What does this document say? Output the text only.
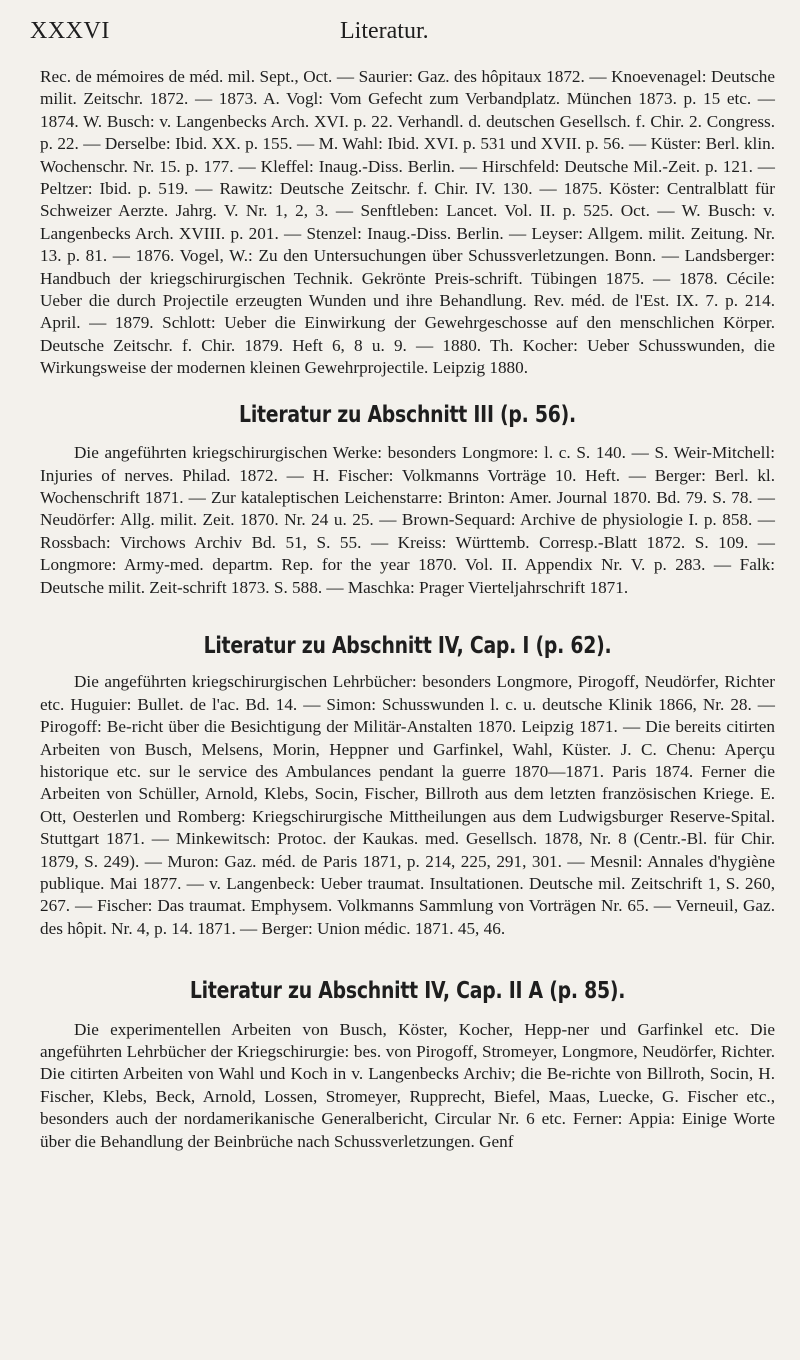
XXXVI	Literatur.

Rec. de mémoires de méd. mil. Sept., Oct. — Saurier: Gaz. des hôpitaux 1872. — Knoevenagel: Deutsche milit. Zeitschr. 1872. — 1873. A. Vogl: Vom Gefecht zum Verbandplatz. München 1873. p. 15 etc. — 1874. W. Busch: v. Langenbecks Arch. XVI. p. 22. Verhandl. d. deutschen Gesellsch. f. Chir. 2. Congress. p. 22. — Derselbe: Ibid. XX. p. 155. — M. Wahl: Ibid. XVI. p. 531 und XVII. p. 56. — Küster: Berl. klin. Wochenschr. Nr. 15. p. 177. — Kleffel: Inaug.-Diss. Berlin. — Hirschfeld: Deutsche Mil.-Zeit. p. 121. — Peltzer: Ibid. p. 519. — Rawitz: Deutsche Zeitschr. f. Chir. IV. 130. — 1875. Köster: Centralblatt für Schweizer Aerzte. Jahrg. V. Nr. 1, 2, 3. — Senftleben: Lancet. Vol. II. p. 525. Oct. — W. Busch: v. Langenbecks Arch. XVIII. p. 201. — Stenzel: Inaug.-Diss. Berlin. — Leyser: Allgem. milit. Zeitung. Nr. 13. p. 81. — 1876. Vogel, W.: Zu den Untersuchungen über Schussverletzungen. Bonn. — Landsberger: Handbuch der kriegschirurgischen Technik. Gekrönte Preis-schrift. Tübingen 1875. — 1878. Cécile: Ueber die durch Projectile erzeugten Wunden und ihre Behandlung. Rev. méd. de l'Est. IX. 7. p. 214. April. — 1879. Schlott: Ueber die Einwirkung der Gewehrgeschosse auf den menschlichen Körper. Deutsche Zeitschr. f. Chir. 1879. Heft 6, 8 u. 9. — 1880. Th. Kocher: Ueber Schusswunden, die Wirkungsweise der modernen kleinen Gewehrprojectile. Leipzig 1880.

Literatur zu Abschnitt III (p. 56).

Die angeführten kriegschirurgischen Werke: besonders Longmore: l. c. S. 140. — S. Weir-Mitchell: Injuries of nerves. Philad. 1872. — H. Fischer: Volkmanns Vorträge 10. Heft. — Berger: Berl. kl. Wochenschrift 1871. — Zur kataleptischen Leichenstarre: Brinton: Amer. Journal 1870. Bd. 79. S. 78. — Neudörfer: Allg. milit. Zeit. 1870. Nr. 24 u. 25. — Brown-Sequard: Archive de physiologie I. p. 858. — Rossbach: Virchows Archiv Bd. 51, S. 55. — Kreiss: Württemb. Corresp.-Blatt 1872. S. 109. — Longmore: Army-med. departm. Rep. for the year 1870. Vol. II. Appendix Nr. V. p. 283. — Falk: Deutsche milit. Zeit-schrift 1873. S. 588. — Maschka: Prager Vierteljahrschrift 1871.

Literatur zu Abschnitt IV, Cap. I (p. 62).

Die angeführten kriegschirurgischen Lehrbücher: besonders Longmore, Pirogoff, Neudörfer, Richter etc. Huguier: Bullet. de l'ac. Bd. 14. — Simon: Schusswunden l. c. u. deutsche Klinik 1866, Nr. 28. — Pirogoff: Be-richt über die Besichtigung der Militär-Anstalten 1870. Leipzig 1871. — Die bereits citirten Arbeiten von Busch, Melsens, Morin, Heppner und Garfinkel, Wahl, Küster. J. C. Chenu: Aperçu historique etc. sur le service des Ambulances pendant la guerre 1870—1871. Paris 1874. Ferner die Arbeiten von Schüller, Arnold, Klebs, Socin, Fischer, Billroth aus dem letzten französischen Kriege. E. Ott, Oesterlen und Romberg: Kriegschirurgische Mittheilungen aus dem Ludwigsburger Reserve-Spital. Stuttgart 1871. — Minkewitsch: Protoc. der Kaukas. med. Gesellsch. 1878, Nr. 8 (Centr.-Bl. für Chir. 1879, S. 249). — Muron: Gaz. méd. de Paris 1871, p. 214, 225, 291, 301. — Mesnil: Annales d'hygiène publique. Mai 1877. — v. Langenbeck: Ueber traumat. Insultationen. Deutsche mil. Zeitschrift 1, S. 260, 267. — Fischer: Das traumat. Emphysem. Volkmanns Sammlung von Vorträgen Nr. 65. — Verneuil, Gaz. des hôpit. Nr. 4, p. 14. 1871. — Berger: Union médic. 1871. 45, 46.

Literatur zu Abschnitt IV, Cap. II A (p. 85).

Die experimentellen Arbeiten von Busch, Köster, Kocher, Hepp-ner und Garfinkel etc. Die angeführten Lehrbücher der Kriegschirurgie: bes. von Pirogoff, Stromeyer, Longmore, Neudörfer, Richter. Die citirten Arbeiten von Wahl und Koch in v. Langenbecks Archiv; die Be-richte von Billroth, Socin, H. Fischer, Klebs, Beck, Arnold, Lossen, Stromeyer, Rupprecht, Biefel, Maas, Luecke, G. Fischer etc., besonders auch der nordamerikanische Generalbericht, Circular Nr. 6 etc. Ferner: Appia: Einige Worte über die Behandlung der Beinbrüche nach Schussverletzungen. Genf
